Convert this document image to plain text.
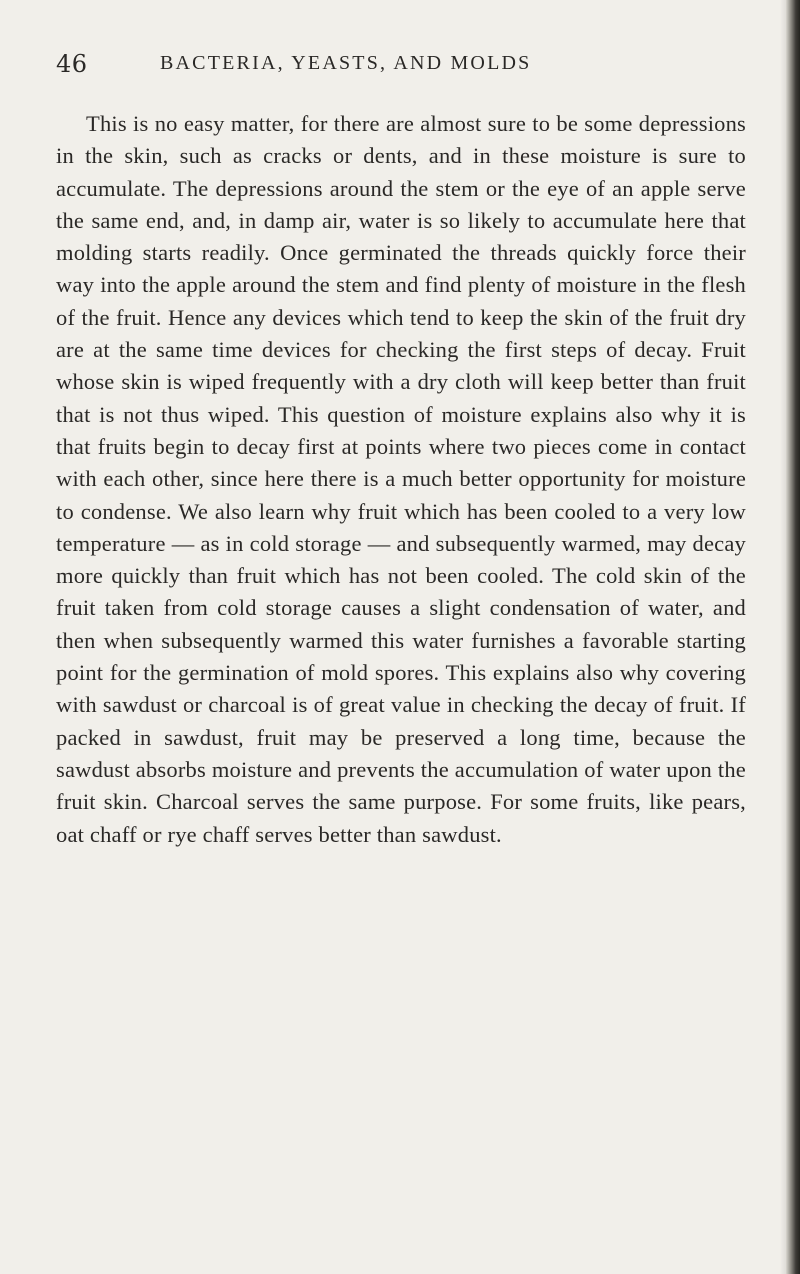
46	BACTERIA, YEASTS, AND MOLDS

This is no easy matter, for there are almost sure to be some depressions in the skin, such as cracks or dents, and in these moisture is sure to accumulate. The depressions around the stem or the eye of an apple serve the same end, and, in damp air, water is so likely to accumulate here that molding starts readily. Once germinated the threads quickly force their way into the apple around the stem and find plenty of moisture in the flesh of the fruit. Hence any devices which tend to keep the skin of the fruit dry are at the same time devices for checking the first steps of decay. Fruit whose skin is wiped frequently with a dry cloth will keep better than fruit that is not thus wiped. This question of moisture explains also why it is that fruits begin to decay first at points where two pieces come in contact with each other, since here there is a much better opportunity for moisture to condense. We also learn why fruit which has been cooled to a very low temperature — as in cold storage — and subsequently warmed, may decay more quickly than fruit which has not been cooled. The cold skin of the fruit taken from cold storage causes a slight condensation of water, and then when subsequently warmed this water furnishes a favorable starting point for the germination of mold spores. This explains also why covering with sawdust or charcoal is of great value in checking the decay of fruit. If packed in sawdust, fruit may be preserved a long time, because the sawdust absorbs moisture and prevents the accumulation of water upon the fruit skin. Charcoal serves the same purpose. For some fruits, like pears, oat chaff or rye chaff serves better than sawdust.
